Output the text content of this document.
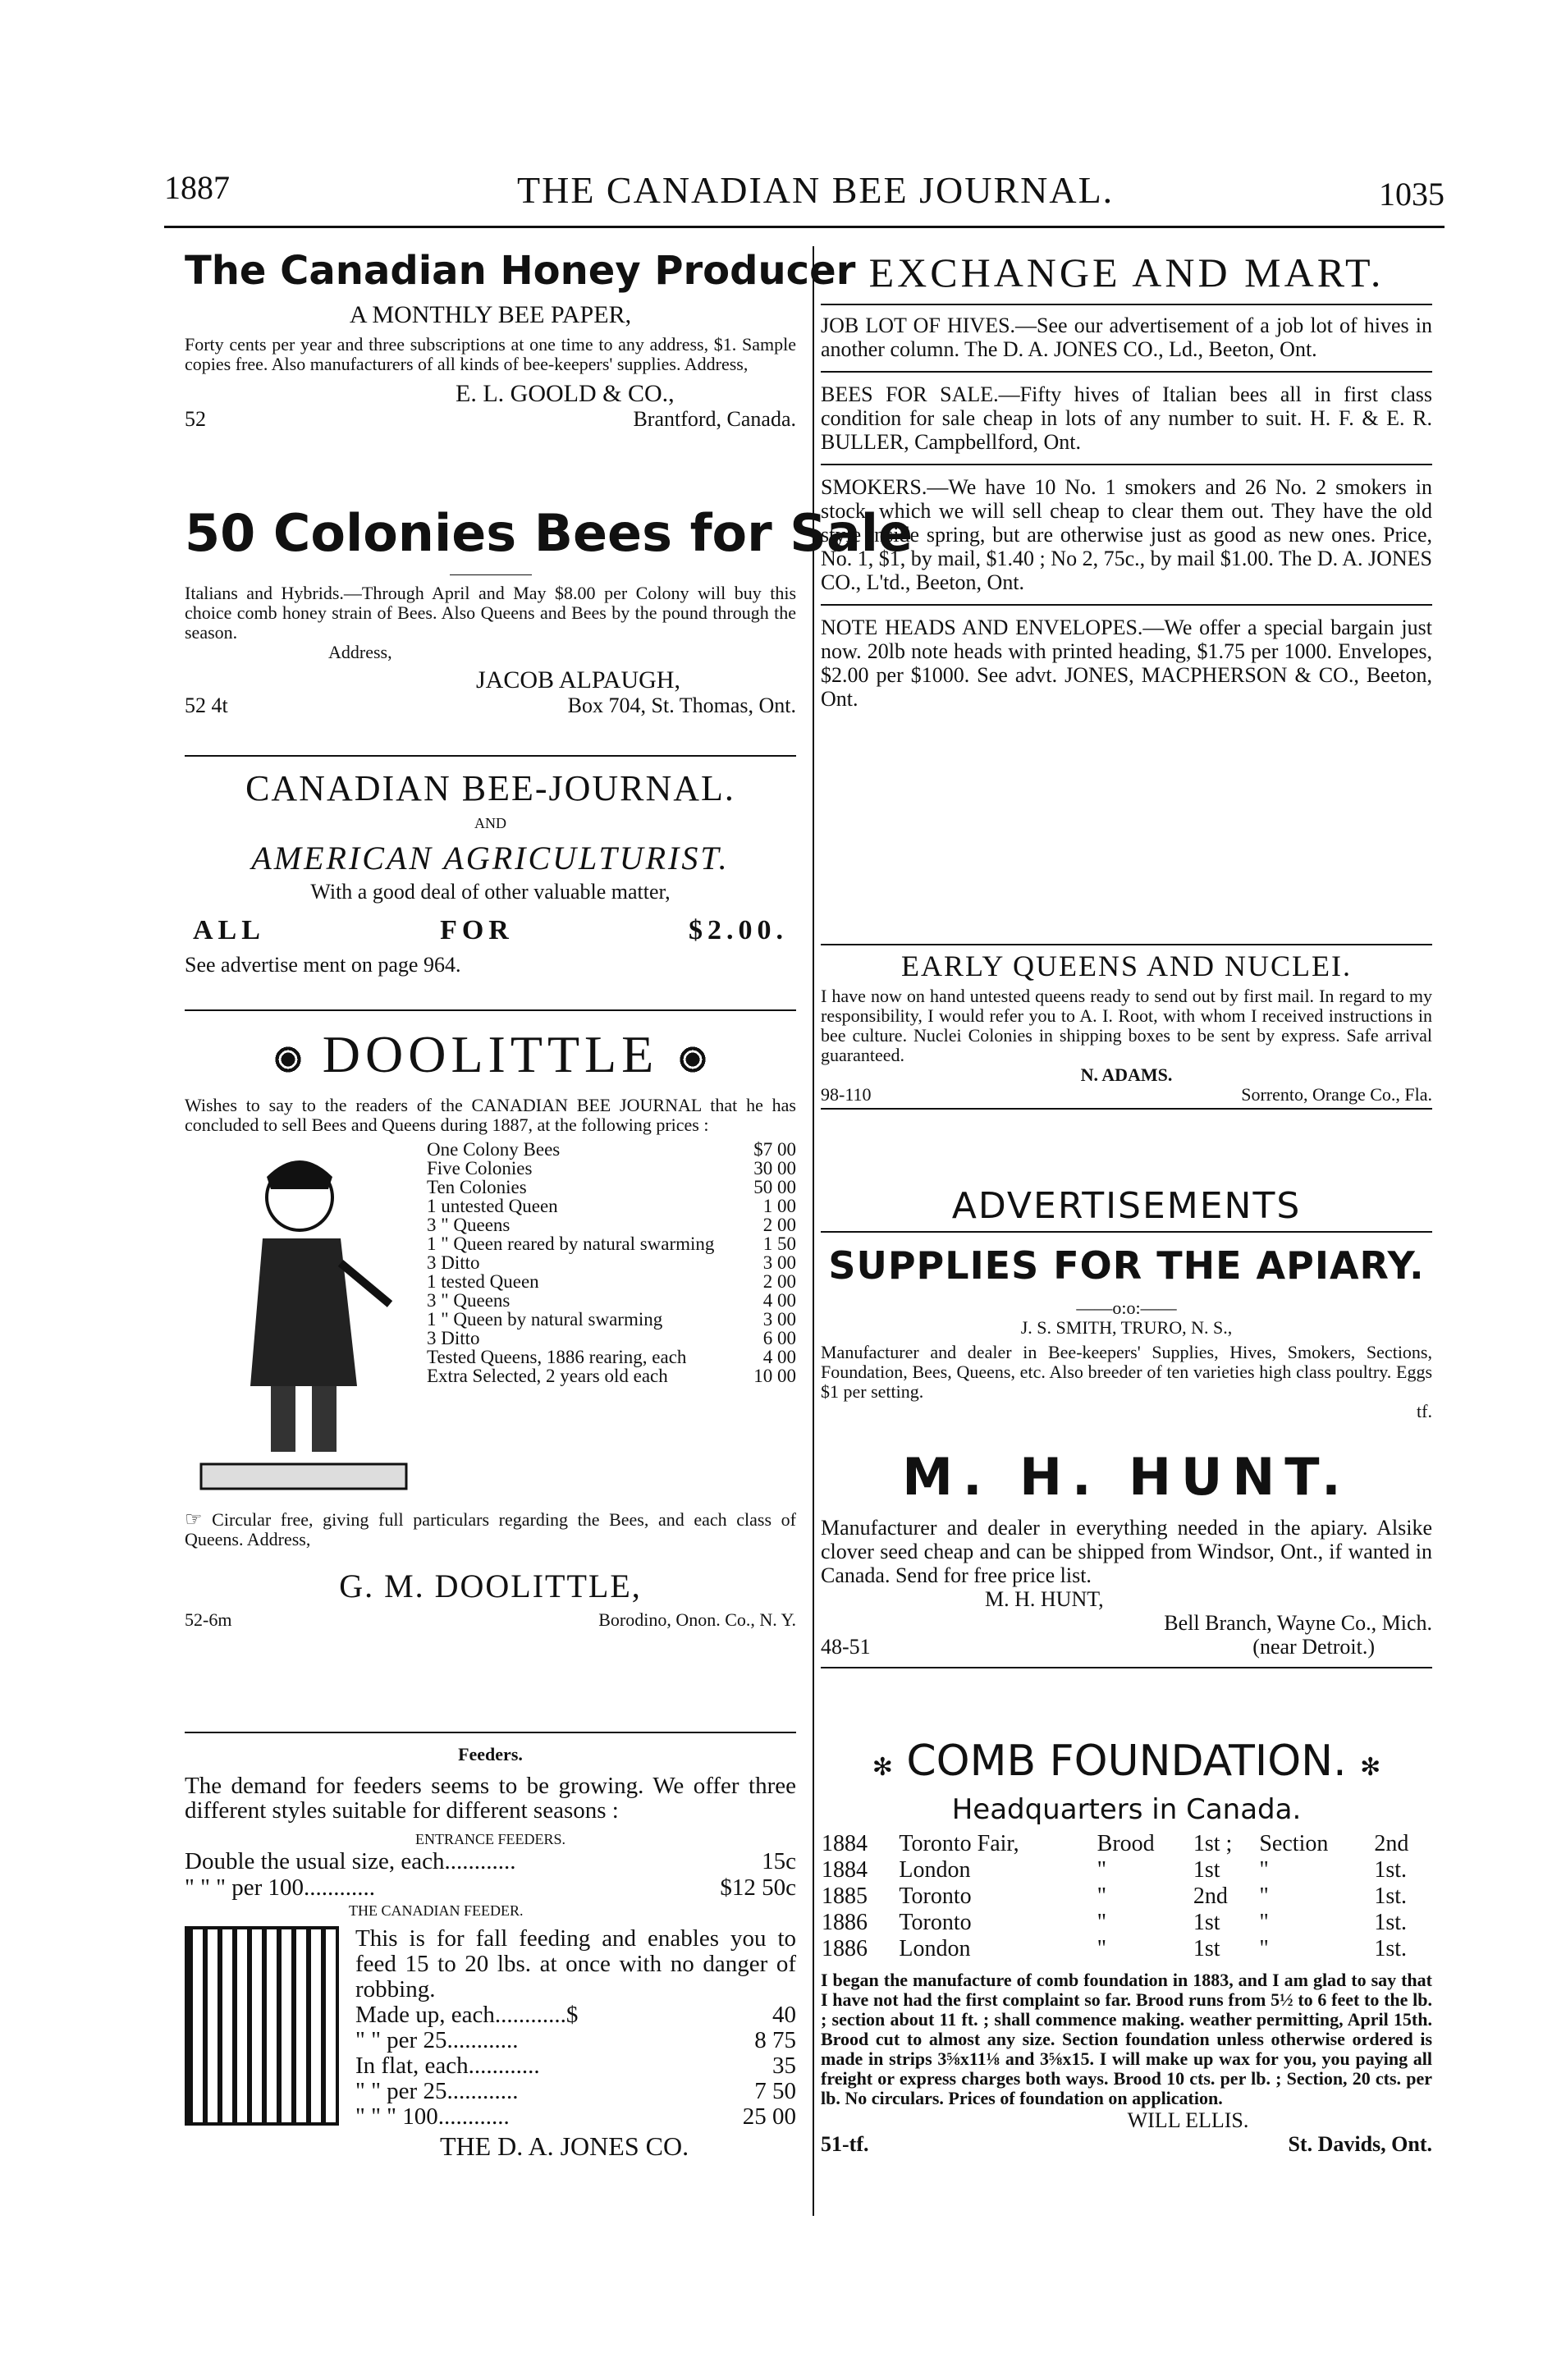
1887	THE CANADIAN BEE JOURNAL.	1035
The Canadian Honey Producer
A MONTHLY BEE PAPER,
Forty cents per year and three subscriptions at one time to any address, $1. Sample copies free. Also manufacturers of all kinds of bee-keepers' supplies. Address,
E. L. GOOLD & CO.,
52	Brantford, Canada.
50 Colonies Bees for Sale
Italians and Hybrids.—Through April and May $8.00 per Colony will buy this choice comb honey strain of Bees. Also Queens and Bees by the pound through the season.
Address,
JACOB ALPAUGH,
52 4t	Box 704, St. Thomas, Ont.
CANADIAN BEE-JOURNAL.
AND
AMERICAN AGRICULTURIST.
With a good deal of other valuable matter,
ALL	FOR	$2.00.
See advertise ment on page 964.
DOOLITTLE
Wishes to say to the readers of the CANADIAN BEE JOURNAL that he has concluded to sell Bees and Queens during 1887, at the following prices :
One Colony Bees	$7 00
Five Colonies	30 00
Ten Colonies	50 00
1 untested Queen	1 00
3 " Queens	2 00
1 " Queen reared by natural swarming	1 50
3 Ditto	3 00
1 tested Queen	2 00
3 " Queens	4 00
1 " Queen by natural swarming	3 00
3 Ditto	6 00
Tested Queens, 1886 rearing, each	4 00
Extra Selected, 2 years old each	10 00
☞ Circular free, giving full particulars regarding the Bees, and each class of Queens. Address,
G. M. DOOLITTLE,
52-6m	Borodino, Onon. Co., N. Y.
Feeders.
The demand for feeders seems to be growing. We offer three different styles suitable for different seasons :
ENTRANCE FEEDERS.
Double the usual size, each............	15c
" " " per 100............	$12 50c
THE CANADIAN FEEDER.
This is for fall feeding and enables you to feed 15 to 20 lbs. at once with no danger of robbing.
Made up, each............$	40
" " per 25............	8 75
In flat, each............	35
" " per 25............	7 50
" " " 100............	25 00
THE D. A. JONES CO.
EXCHANGE AND MART.
JOB LOT OF HIVES.—See our advertisement of a job lot of hives in another column. The D. A. JONES CO., Ld., Beeton, Ont.
BEES FOR SALE.—Fifty hives of Italian bees all in first class condition for sale cheap in lots of any number to suit. H. F. & E. R. BULLER, Campbellford, Ont.
SMOKERS.—We have 10 No. 1 smokers and 26 No. 2 smokers in stock, which we will sell cheap to clear them out. They have the old style inside spring, but are otherwise just as good as new ones. Price, No. 1, $1, by mail, $1.40 ; No 2, 75c., by mail $1.00. The D. A. JONES CO., L'td., Beeton, Ont.
NOTE HEADS AND ENVELOPES.—We offer a special bargain just now. 20lb note heads with printed heading, $1.75 per 1000. Envelopes, $2.00 per $1000. See advt. JONES, MACPHERSON & CO., Beeton, Ont.
EARLY QUEENS AND NUCLEI.
I have now on hand untested queens ready to send out by first mail. In regard to my responsibility, I would refer you to A. I. Root, with whom I received instructions in bee culture. Nuclei Colonies in shipping boxes to be sent by express. Safe arrival guaranteed.
N. ADAMS.
98-110	Sorrento, Orange Co., Fla.
ADVERTISEMENTS
SUPPLIES FOR THE APIARY.
——o:o:——
J. S. SMITH, TRURO, N. S.,
Manufacturer and dealer in Bee-keepers' Supplies, Hives, Smokers, Sections, Foundation, Bees, Queens, etc. Also breeder of ten varieties high class poultry. Eggs $1 per setting.
tf.
M. H. HUNT.
Manufacturer and dealer in everything needed in the apiary. Alsike clover seed cheap and can be shipped from Windsor, Ont., if wanted in Canada. Send for free price list.
M. H. HUNT,
Bell Branch, Wayne Co., Mich.
48-51	(near Detroit.)
✻ COMB FOUNDATION. ✻
Headquarters in Canada.
1884	Toronto Fair,	Brood	1st ;	Section	2nd
1884	London	"	1st	"	1st.
1885	Toronto	"	2nd	"	1st.
1886	Toronto	"	1st	"	1st.
1886	London	"	1st	"	1st.
I began the manufacture of comb foundation in 1883, and I am glad to say that I have not had the first complaint so far. Brood runs from 5½ to 6 feet to the lb. ; section about 11 ft. ; shall commence making. weather permitting, April 15th. Brood cut to almost any size. Section foundation unless otherwise ordered is made in strips 3⅝x11⅛ and 3⅝x15. I will make up wax for you, you paying all freight or express charges both ways. Brood 10 cts. per lb. ; Section, 20 cts. per lb. No circulars. Prices of foundation on application.
WILL ELLIS.
51-tf.	St. Davids, Ont.
